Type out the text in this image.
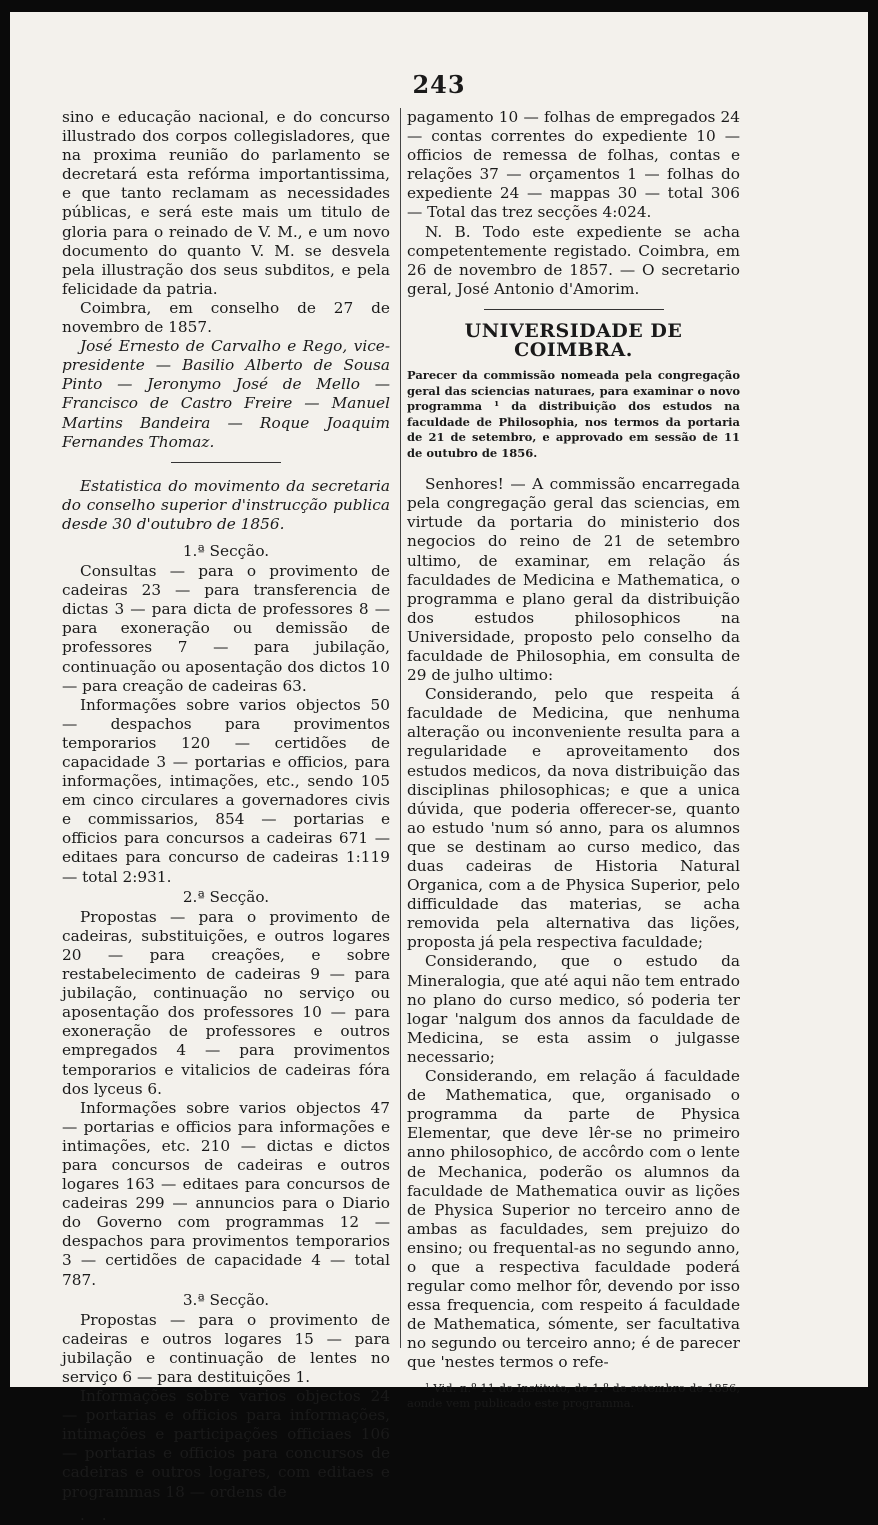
243

sino e educação nacional, e do concurso illustrado dos corpos collegisladores, que na proxima reunião do parlamento se decretará esta refórma importantissima, e que tanto reclamam as necessidades públicas, e será este mais um titulo de gloria para o reinado de V. M., e um novo documento do quanto V. M. se desvela pela illustração dos seus subditos, e pela felicidade da patria.

Coimbra, em conselho de 27 de novembro de 1857.

José Ernesto de Carvalho e Rego, vice-presidente — Basilio Alberto de Sousa Pinto — Jeronymo José de Mello — Francisco de Castro Freire — Manuel Martins Bandeira — Roque Joaquim Fernandes Thomaz.

Estatistica do movimento da secretaria do conselho superior d'instrucção publica desde 30 d'outubro de 1856.

1.ª Secção.

Consultas — para o provimento de cadeiras 23 — para transferencia de dictas 3 — para dicta de professores 8 — para exoneração ou demissão de professores 7 — para jubilação, continuação ou aposentação dos dictos 10 — para creação de cadeiras 63.

Informações sobre varios objectos 50 — despachos para provimentos temporarios 120 — certidões de capacidade 3 — portarias e officios, para informações, intimações, etc., sendo 105 em cinco circulares a governadores civis e commissarios, 854 — portarias e officios para concursos a cadeiras 671 — editaes para concurso de cadeiras 1:119 — total 2:931.

2.ª Secção.

Propostas — para o provimento de cadeiras, substituições, e outros logares 20 — para creações, e sobre restabelecimento de cadeiras 9 — para jubilação, continuação no serviço ou aposentação dos professores 10 — para exoneração de professores e outros empregados 4 — para provimentos temporarios e vitalicios de cadeiras fóra dos lyceus 6.

Informações sobre varios objectos 47 — portarias e officios para informações e intimações, etc. 210 — dictas e dictos para concursos de cadeiras e outros logares 163 — editaes para concursos de cadeiras 299 — annuncios para o Diario do Governo com programmas 12 — despachos para provimentos temporarios 3 — certidões de capacidade 4 — total 787.

3.ª Secção.

Propostas — para o provimento de cadeiras e outros logares 15 — para jubilação e continuação de lentes no serviço 6 — para destituições 1.

Informações sobre varios objectos 24 — portarias e officios para informações, intimações e participações officiaes 106 — portarias e officios para concursos de cadeiras e outros logares, com editaes e programmas 18 — ordens de

. .

pagamento 10 — folhas de empregados 24 — contas correntes do expediente 10 — officios de remessa de folhas, contas e relações 37 — orçamentos 1 — folhas do expediente 24 — mappas 30 — total 306 — Total das trez secções 4:024.

N. B. Todo este expediente se acha competentemente registado. Coimbra, em 26 de novembro de 1857. — O secretario geral, José Antonio d'Amorim.

UNIVERSIDADE DE COIMBRA.

Parecer da commissão nomeada pela congregação geral das sciencias naturaes, para examinar o novo programma ¹ da distribuição dos estudos na faculdade de Philosophia, nos termos da portaria de 21 de setembro, e approvado em sessão de 11 de outubro de 1856.

Senhores! — A commissão encarregada pela congregação geral das sciencias, em virtude da portaria do ministerio dos negocios do reino de 21 de setembro ultimo, de examinar, em relação ás faculdades de Medicina e Mathematica, o programma e plano geral da distribuição dos estudos philosophicos na Universidade, proposto pelo conselho da faculdade de Philosophia, em consulta de 29 de julho ultimo:

Considerando, pelo que respeita á faculdade de Medicina, que nenhuma alteração ou inconveniente resulta para a regularidade e aproveitamento dos estudos medicos, da nova distribuição das disciplinas philosophicas; e que a unica dúvida, que poderia offerecer-se, quanto ao estudo 'num só anno, para os alumnos que se destinam ao curso medico, das duas cadeiras de Historia Natural Organica, com a de Physica Superior, pelo difficuldade das materias, se acha removida pela alternativa das lições, proposta já pela respectiva faculdade;

Considerando, que o estudo da Mineralogia, que até aqui não tem entrado no plano do curso medico, só poderia ter logar 'nalgum dos annos da faculdade de Medicina, se esta assim o julgasse necessario;

Considerando, em relação á faculdade de Mathematica, que, organisado o programma da parte de Physica Elementar, que deve lêr-se no primeiro anno philosophico, de accôrdo com o lente de Mechanica, poderão os alumnos da faculdade de Mathematica ouvir as lições de Physica Superior no terceiro anno de ambas as faculdades, sem prejuizo do ensino; ou frequental-as no segundo anno, o que a respectiva faculdade poderá regular como melhor fôr, devendo por isso essa frequencia, com respeito á faculdade de Mathematica, sómente, ser facultativa no segundo ou terceiro anno; é de parecer que 'nestes termos o refe-

¹ Vid. n.º 11 do Instituto, do 1.º de setembro de 1856, aonde vem publicado este programma.
